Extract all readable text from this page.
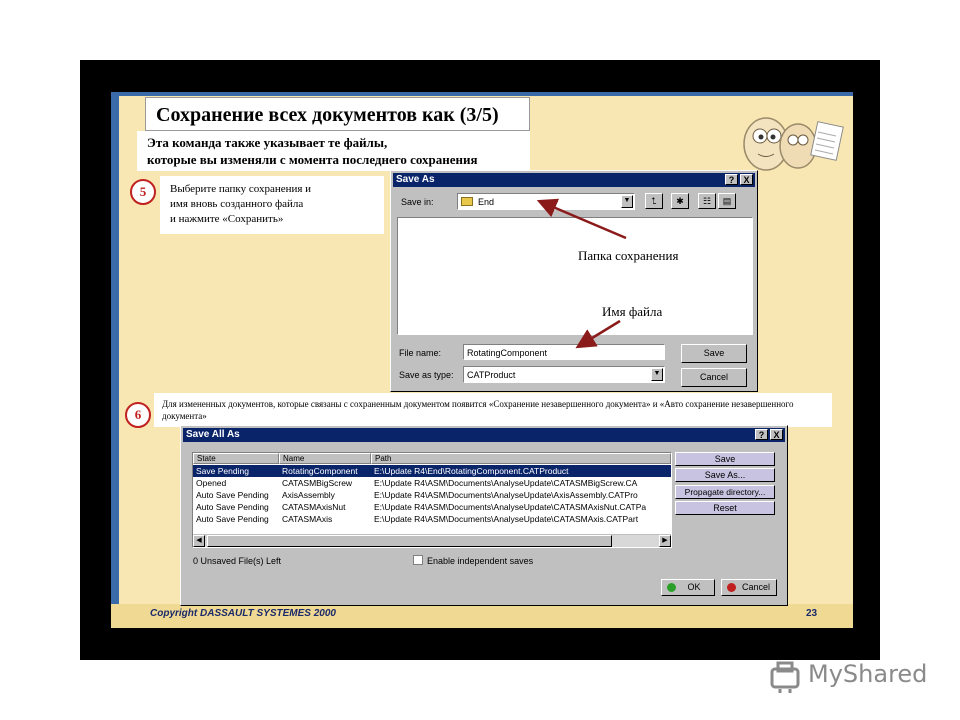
Сохранение всех документов как (3/5)
Эта команда также указывает те файлы,
которые вы изменяли с момента последнего сохранения
5	Выберите папку сохранения и
имя вновь созданного файла
и нажмите «Сохранить»
Save As	?	X
Save in:	End	▼	⮤	✱	☷	▤
File name:	RotatingComponent
Save as type: CATProduct	▼
Save
Cancel
Папка сохранения
Имя файла
6
Для измененных документов, которые связаны с сохраненным документом появится «Сохранение незавершенного документа» и «Авто сохранение незавершенного документа»
Save All As	?	X
State	Name	Path
Save Pending	RotatingComponent	E:\Update R4\End\RotatingComponent.CATProduct
Opened	CATASMBigScrew	E:\Update R4\ASM\Documents\AnalyseUpdate\CATASMBigScrew.CA
Auto Save Pending	AxisAssembly	E:\Update R4\ASM\Documents\AnalyseUpdate\AxisAssembly.CATPro
Auto Save Pending	CATASMAxisNut	E:\Update R4\ASM\Documents\AnalyseUpdate\CATASMAxisNut.CATPa
Auto Save Pending	CATASMAxis	E:\Update R4\ASM\Documents\AnalyseUpdate\CATASMAxis.CATPart
◀	▶
Save
Save As...
Propagate directory...
Reset
0 Unsaved File(s) Left	Enable independent saves
OK	Cancel
Copyright DASSAULT SYSTEMES 2000	23
MyShared
